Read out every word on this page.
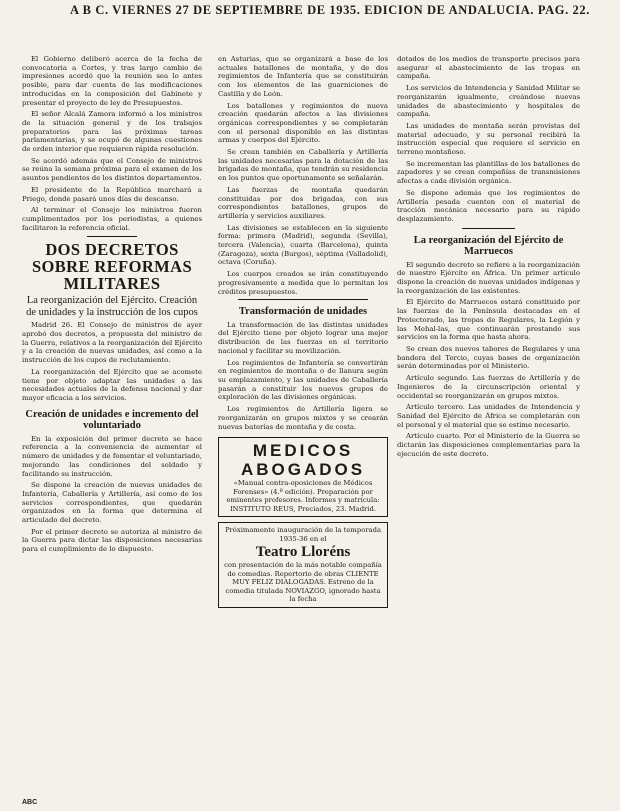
A B C. VIERNES 27 DE SEPTIEMBRE DE 1935. EDICION DE ANDALUCIA. PAG. 22.

El Gobierno deliberó acerca de la fecha de convocatoria a Cortes, y tras largo cambio de impresiones acordó que la reunión sea lo antes posible, para dar cuenta de las modificaciones introducidas en la composición del Gabinete y presentar el proyecto de ley de Presupuestos.

El señor Alcalá Zamora informó a los ministros de la situación general y de los trabajos preparatorios para las próximas tareas parlamentarias, y se ocupó de algunas cuestiones de orden interior que requieren rápida resolución.

Se acordó además que el Consejo de ministros se reúna la semana próxima para el examen de los asuntos pendientes de los distintos departamentos.

El presidente de la República marchará a Priego, donde pasará unos días de descanso.

Al terminar el Consejo los ministros fueron cumplimentados por los periodistas, a quienes facilitaron la referencia oficial.

DOS DECRETOS SOBRE REFORMAS MILITARES
La reorganización del Ejército. Creación de unidades y la instrucción de los cupos

Madrid 26. El Consejo de ministros de ayer aprobó dos decretos, a propuesta del ministro de la Guerra, relativos a la reorganización del Ejército y a la creación de nuevas unidades, así como a la instrucción de los cupos de reclutamiento.

La reorganización del Ejército que se acomete tiene por objeto adaptar las unidades a las necesidades actuales de la defensa nacional y dar mayor eficacia a los servicios.

Creación de unidades e incremento del voluntariado

En la exposición del primer decreto se hace referencia a la conveniencia de aumentar el número de unidades y de fomentar el voluntariado, mejorando las condiciones del soldado y facilitando su instrucción.

Se dispone la creación de nuevas unidades de Infantería, Caballería y Artillería, así como de los servicios correspondientes, que quedarán organizados en la forma que determina el articulado del decreto.

Por el primer decreto se autoriza al ministro de la Guerra para dictar las disposiciones necesarias para el cumplimiento de lo dispuesto.

en Asturias, que se organizará a base de los actuales batallones de montaña, y de dos regimientos de Infantería que se constituirán con los elementos de las guarniciones de Castilla y de León.

Los batallones y regimientos de nueva creación quedarán afectos a las divisiones orgánicas correspondientes y se completarán con el personal disponible en las distintas armas y cuerpos del Ejército.

Se crean también en Caballería y Artillería las unidades necesarias para la dotación de las brigadas de montaña, que tendrán su residencia en los puntos que oportunamente se señalarán.

Las fuerzas de montaña quedarán constituidas por dos brigadas, con sus correspondientes batallones, grupos de artillería y servicios auxiliares.

Las divisiones se establecen en la siguiente forma: primera (Madrid), segunda (Sevilla), tercera (Valencia), cuarta (Barcelona), quinta (Zaragoza), sexta (Burgos), séptima (Valladolid), octava (Coruña).

Los cuerpos creados se irán constituyendo progresivamente a medida que lo permitan los créditos presupuestos.

Transformación de unidades

La transformación de las distintas unidades del Ejército tiene por objeto lograr una mejor distribución de las fuerzas en el territorio nacional y facilitar su movilización.

Los regimientos de Infantería se convertirán en regimientos de montaña o de llanura según su emplazamiento, y las unidades de Caballería pasarán a constituir los nuevos grupos de exploración de las divisiones orgánicas.

Los regimientos de Artillería ligera se reorganizarán en grupos mixtos y se crearán nuevas baterías de montaña y de costa.

MEDICOS
ABOGADOS
«Manual contra-oposiciones de Médicos Forenses» (4.ª edición). Preparación por eminentes profesores. Informes y matrícula: INSTITUTO REUS, Preciados, 23. Madrid.
Próximamente inauguración de la temporada 1935-36 en el
Teatro Lloréns
con presentación de la más notable compañía de comedias. Repertorio de obras CLIENTE MUY FELIZ DIALOGADAS. Estreno de la comedia titulada NOVIAZGO, ignorado hasta la fecha

dotados de los medios de transporte precisos para asegurar el abastecimiento de las tropas en campaña.

Los servicios de Intendencia y Sanidad Militar se reorganizarán igualmente, creándose nuevas unidades de abastecimiento y hospitales de campaña.

Las unidades de montaña serán provistas del material adecuado, y su personal recibirá la instrucción especial que requiere el servicio en terreno montañoso.

Se incrementan las plantillas de los batallones de zapadores y se crean compañías de transmisiones afectas a cada división orgánica.

Se dispone además que los regimientos de Artillería pesada cuenten con el material de tracción mecánica necesario para su rápido desplazamiento.

La reorganización del Ejército de Marruecos

El segundo decreto se refiere a la reorganización de nuestro Ejército en África. Un primer artículo dispone la creación de nuevas unidades indígenas y la reorganización de las existentes.

El Ejército de Marruecos estará constituido por las fuerzas de la Península destacadas en el Protectorado, las tropas de Regulares, la Legión y las Mehal-las, que continuarán prestando sus servicios en la forma que hasta ahora.

Se crean dos nuevos tabores de Regulares y una bandera del Tercio, cuyas bases de organización serán determinadas por el Ministerio.

Artículo segundo. Las fuerzas de Artillería y de Ingenieros de la circunscripción oriental y occidental se reorganizarán en grupos mixtos.

Artículo tercero. Las unidades de Intendencia y Sanidad del Ejército de África se completarán con el personal y el material que se estime necesario.

Artículo cuarto. Por el Ministerio de la Guerra se dictarán las disposiciones complementarias para la ejecución de este decreto.

ABC
